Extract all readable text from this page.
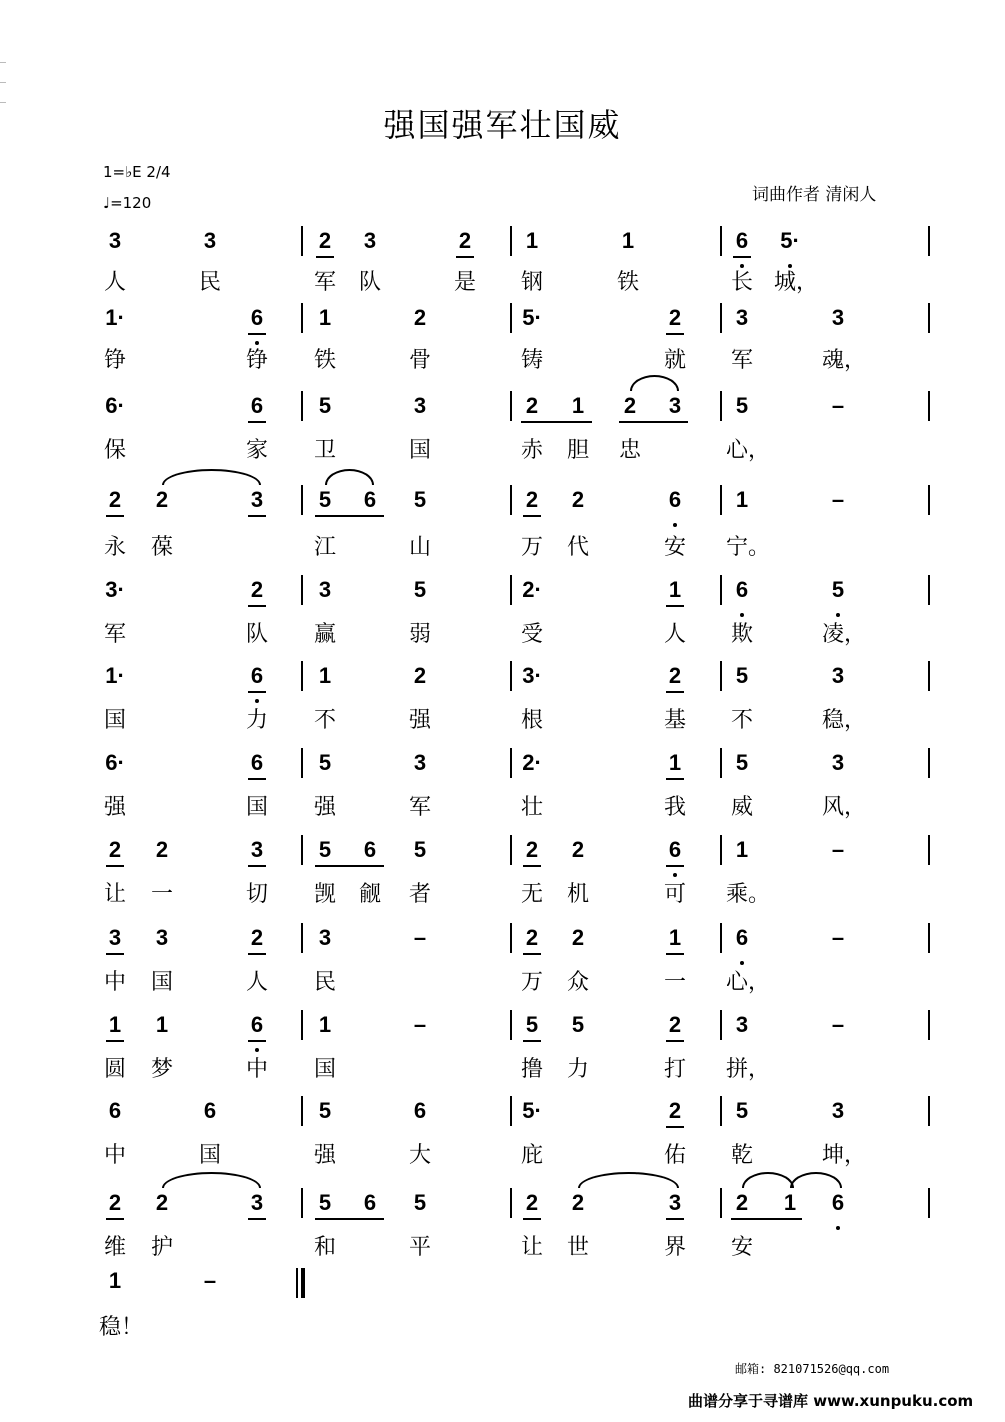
强国强军壮国威
1=♭E 2/4
♩=120	词曲作者 清闲人
3	3	2 3	2 1	1	6 5·
人	民	军 队	是 钢	铁	长 城，
1·	6	1	2	5·	2 3	3
铮	铮 铁	骨	铸	就 军	魂，
6·	6	5	3	2 1 2 3 5	–
保	家 卫	国	赤 胆 忠	心，
2 2	3	5 6 5	2 2	6 1	–
永 葆	江	山	万 代	安 宁。
3·	2	3	5	2·	1 6	5
军	队 赢	弱	受	人 欺	凌，
1·	6	1	2	3·	2 5	3
国	力 不	强	根	基 不	稳，
6·	6	5	3	2·	1 5	3
强	国 强	军	壮	我 威	风，
2 2	3	5 6 5	2 2	6 1	–
让 一	切 觊 觎 者	无 机	可 乘。
3 3	2	3	–	2 2	1 6	–
中 国	人 民	万 众	一 心，
1 1	6	1	–	5 5	2 3	–
圆 梦	中 国	撸 力	打 拼，
6	6	5	6	5·	2 5	3
中	国	强	大	庇	佑 乾	坤，
2 2	3	5 6 5	2 2	3 2 1 6
维 护	和	平	让 世	界 安
1	–
稳！
邮箱: 821071526@qq.com
曲谱分享于寻谱库 www.xunpuku.com
